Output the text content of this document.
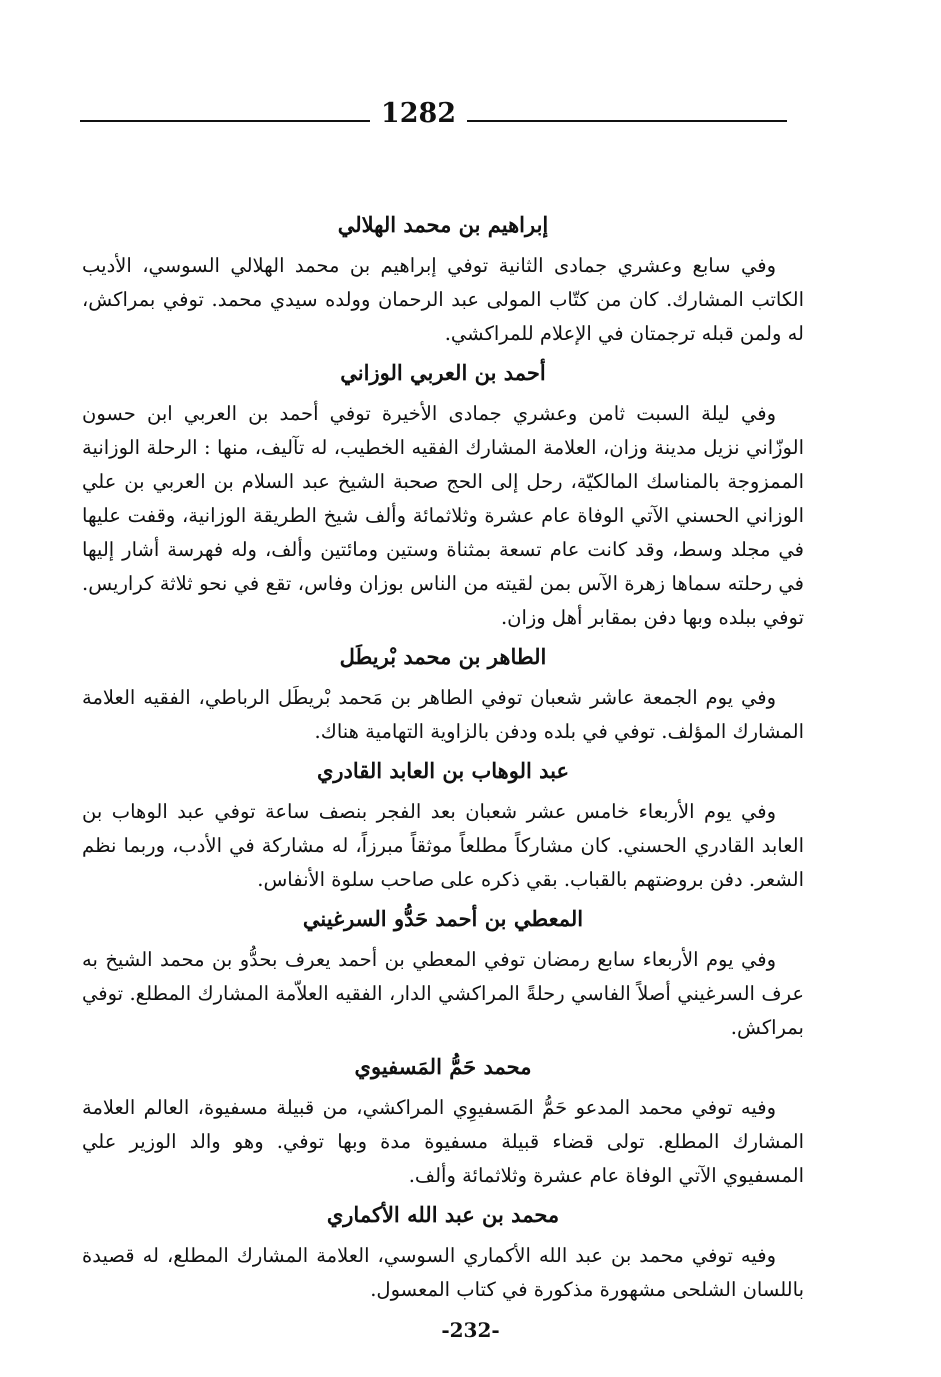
1282
إبراهيم بن محمد الهلالي

وفي سابع وعشري جمادى الثانية توفي إبراهيم بن محمد الهلالي السوسي، الأديب الكاتب المشارك. كان من كتّاب المولى عبد الرحمان وولده سيدي محمد. توفي بمراكش، له ولمن قبله ترجمتان في الإعلام للمراكشي.

أحمد بن العربي الوزاني

وفي ليلة السبت ثامن وعشري جمادى الأخيرة توفي أحمد بن العربي ابن حسون الوزّاني نزيل مدينة وزان، العلامة المشارك الفقيه الخطيب، له تآليف، منها : الرحلة الوزانية الممزوجة بالمناسك المالكيّة، رحل إلى الحج صحبة الشيخ عبد السلام بن العربي بن علي الوزاني الحسني الآتي الوفاة عام عشرة وثلاثمائة وألف شيخ الطريقة الوزانية، وقفت عليها في مجلد وسط، وقد كانت عام تسعة بمثناة وستين ومائتين وألف، وله فهرسة أشار إليها في رحلته سماها زهرة الآس بمن لقيته من الناس بوزان وفاس، تقع في نحو ثلاثة كراريس. توفي ببلده وبها دفن بمقابر أهل وزان.

الطاهر بن محمد بْريطَل

وفي يوم الجمعة عاشر شعبان توفي الطاهر بن مَحمد بْريطَل الرباطي، الفقيه العلامة المشارك المؤلف. توفي في بلده ودفن بالزاوية التهامية هناك.

عبد الوهاب بن العابد القادري

وفي يوم الأربعاء خامس عشر شعبان بعد الفجر بنصف ساعة توفي عبد الوهاب بن العابد القادري الحسني. كان مشاركاً مطلعاً موثقاً مبرزاً، له مشاركة في الأدب، وربما نظم الشعر. دفن بروضتهم بالقباب. بقي ذكره على صاحب سلوة الأنفاس.

المعطي بن أحمد حَدُّو السرغيني

وفي يوم الأربعاء سابع رمضان توفي المعطي بن أحمد يعرف بحدُّو بن محمد الشيخ به عرف السرغيني أصلاً الفاسي رحلةً المراكشي الدار، الفقيه العلاّمة المشارك المطلع. توفي بمراكش.

محمد حَمُّ المَسفيوي

وفيه توفي محمد المدعو حَمُّ المَسفيوِي المراكشي، من قبيلة مسفيوة، العالم العلامة المشارك المطلع. تولى قضاء قبيلة مسفيوة مدة وبها توفي. وهو والد الوزير علي المسفيوي الآتي الوفاة عام عشرة وثلاثمائة وألف.

محمد بن عبد الله الأكماري

وفيه توفي محمد بن عبد الله الأكماري السوسي، العلامة المشارك المطلع، له قصيدة باللسان الشلحى مشهورة مذكورة في كتاب المعسول.

-232-
